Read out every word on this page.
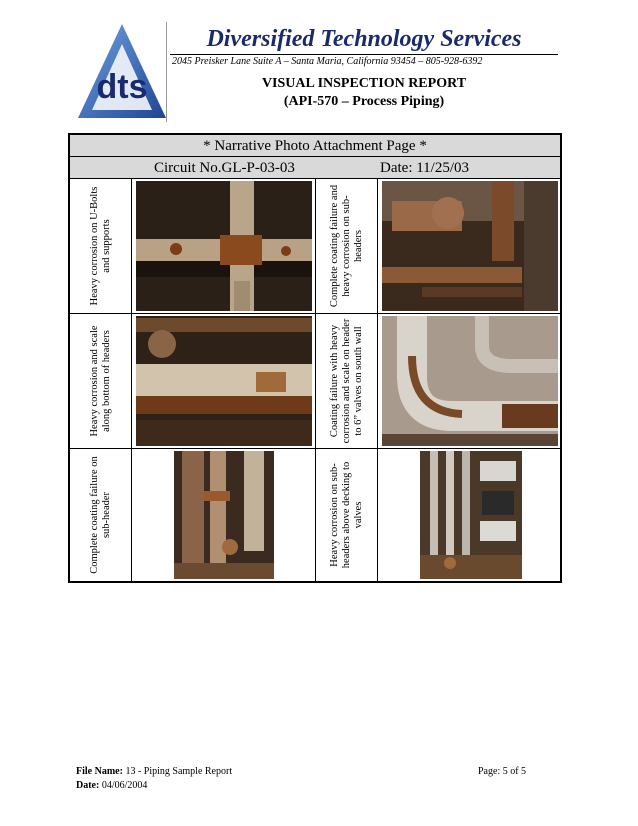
dts
Diversified Technology Services
2045 Preisker Lane Suite A – Santa Maria, California 93454 – 805-928-6392
VISUAL INSPECTION REPORT
(API-570 – Process Piping)
* Narrative Photo Attachment Page *
Circuit No.GL-P-03-03	Date: 11/25/03
Heavy corrosion on U-Bolts and supports	Complete coating failure and heavy corrosion on sub-headers
Heavy corrosion and scale along bottom of headers	Coating failure with heavy corrosion and scale on header to 6” valves on south wall
Complete coating failure on sub-header	Heavy corrosion on sub-headers above decking to valves
File Name: 13 - Piping Sample Report
Date: 04/06/2004
Page: 5 of 5
